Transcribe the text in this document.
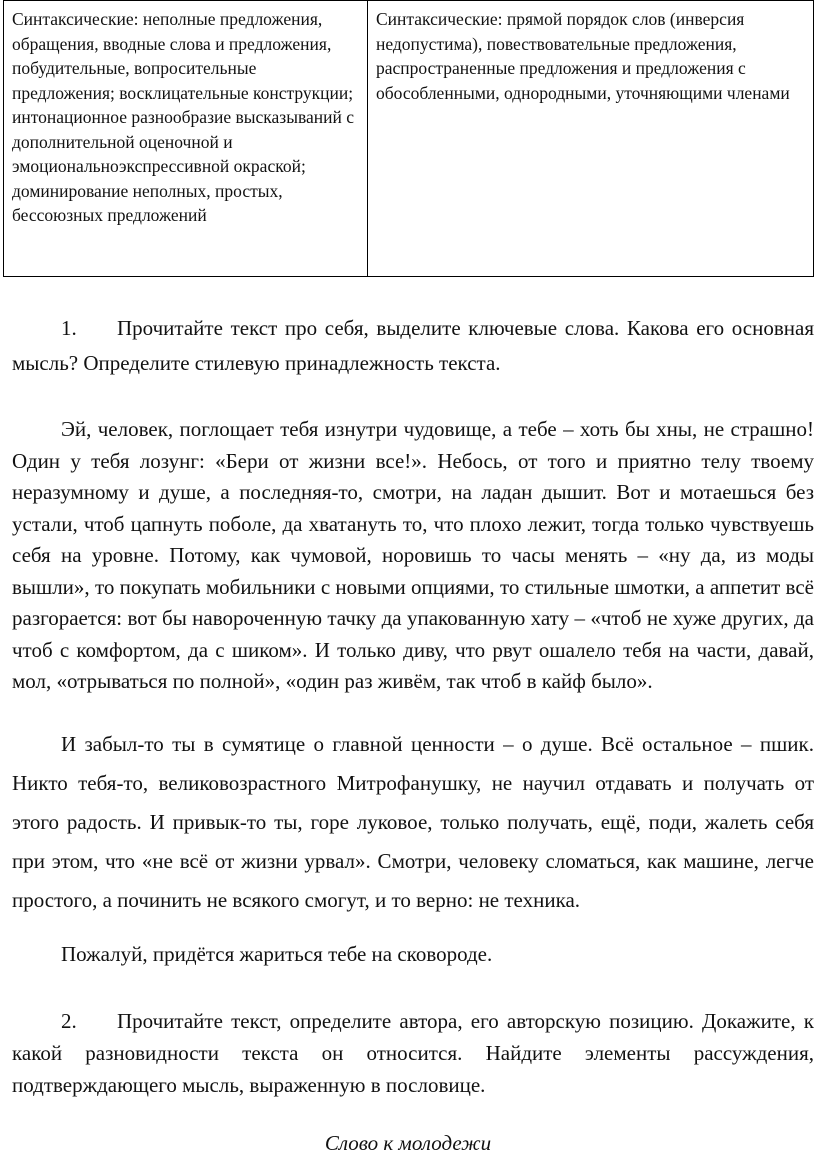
Синтаксические: неполные предложения, обращения, вводные слова и предложения, побудительные, вопросительные предложения; восклицательные конструкции; интонационное разнообразие высказываний с дополнительной оценочной и эмоциональноэкспрессивной окраской; доминирование неполных, простых, бессоюзных предложений	Синтаксические: прямой порядок слов (инверсия недопустима), повествовательные предложения, распространенные предложения и предложения с обособленными, однородными, уточняющими членами

1. Прочитайте текст про себя, выделите ключевые слова. Какова его основная мысль? Определите стилевую принадлежность текста.

Эй, человек, поглощает тебя изнутри чудовище, а тебе – хоть бы хны, не страшно! Один у тебя лозунг: «Бери от жизни все!». Небось, от того и приятно телу твоему неразумному и душе, а последняя-то, смотри, на ладан дышит. Вот и мотаешься без устали, чтоб цапнуть поболе, да хватануть то, что плохо лежит, тогда только чувствуешь себя на уровне. Потому, как чумовой, норовишь то часы менять – «ну да, из моды вышли», то покупать мобильники с новыми опциями, то стильные шмотки, а аппетит всё разгорается: вот бы навороченную тачку да упакованную хату – «чтоб не хуже других, да чтоб с комфортом, да с шиком». И только диву, что рвут ошалело тебя на части, давай, мол, «отрываться по полной», «один раз живём, так чтоб в кайф было».

И забыл-то ты в сумятице о главной ценности – о душе. Всё остальное – пшик. Никто тебя-то, великовозрастного Митрофанушку, не научил отдавать и получать от этого радость. И привык-то ты, горе луковое, только получать, ещё, поди, жалеть себя при этом, что «не всё от жизни урвал». Смотри, человеку сломаться, как машине, легче простого, а починить не всякого смогут, и то верно: не техника.

Пожалуй, придётся жариться тебе на сковороде.

2. Прочитайте текст, определите автора, его авторскую позицию. Докажите, к какой разновидности текста он относится. Найдите элементы рассуждения, подтверждающего мысль, выраженную в пословице.

Слово к молодежи
